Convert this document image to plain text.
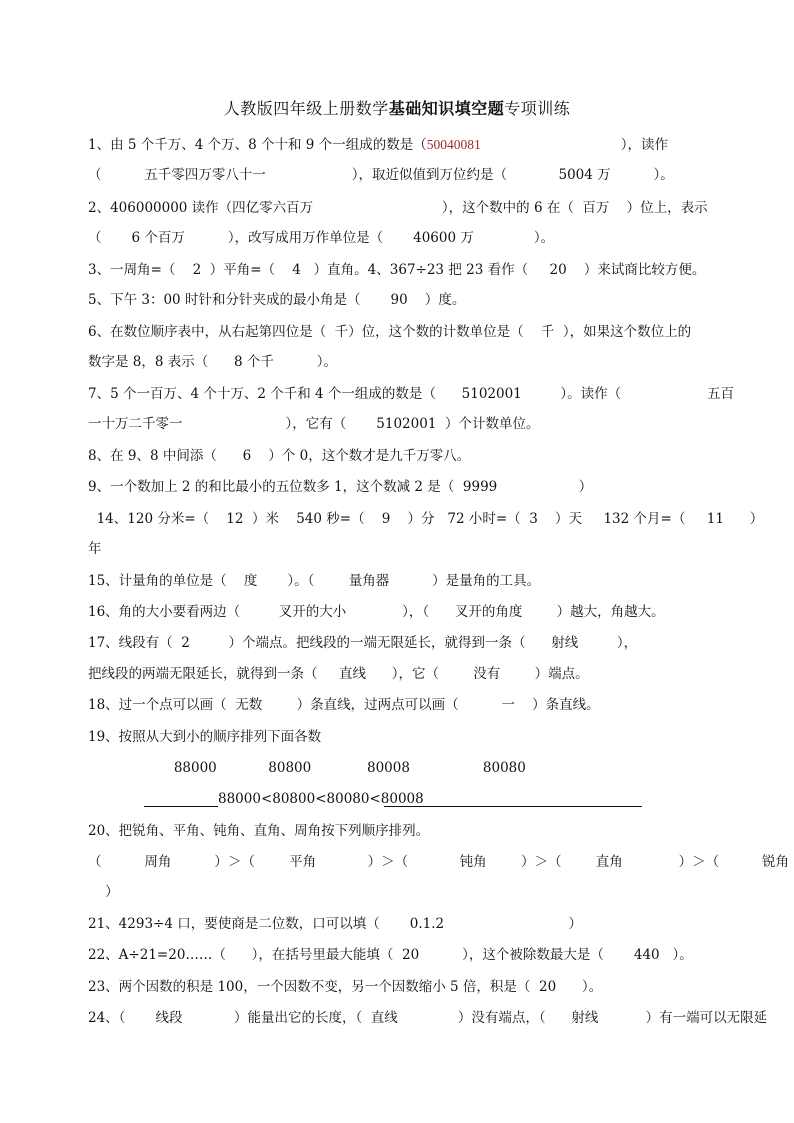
人教版四年级上册数学基础知识填空题专项训练
1、由 5 个千万、4 个万、8 个十和 9 个一组成的数是（50040081	），读作
（          五千零四万零八十一                    ），取近似值到万位约是（            5004 万          ）。
2、406000000 读作（四亿零六百万                              ），这个数中的 6 在（  百万    ）位上，表示
（       6 个百万          ），改写成用万作单位是（       40600 万              ）。
3、一周角=（    2  ）平角=（    4   ）直角。4、367÷23 把 23 看作（     20    ）来试商比较方便。
5、下午 3：00 时针和分针夹成的最小角是（       90    ）度。
6、在数位顺序表中，从右起第四位是（  千）位，这个数的计数单位是（    千  ），如果这个数位上的
数字是 8，8 表示（      8 个千          ）。
7、5 个一百万、4 个十万、2 个千和 4 个一组成的数是（      5102001         ）。读作（                    五百
一十万二千零一                        ），它有（       5102001  ）个计数单位。
8、在 9、8 中间添（      6    ）个 0，这个数才是九千万零八。
9、一个数加上 2 的和比最小的五位数多 1，这个数减 2 是（  9999                   ）
14、120 分米=（    12  ）米    540 秒=（    9    ）分   72 小时=（  3    ）天     132 个月=（     11      ）
年
15、计量角的单位是（    度       ）。（        量角器          ）是量角的工具。
16、角的大小要看两边（         叉开的大小             ），（      叉开的角度        ）越大，角越大。
17、线段有（  2         ）个端点。把线段的一端无限延长，就得到一条（      射线         ），
把线段的两端无限延长，就得到一条（     直线      ），它（        没有        ）端点。
18、过一个点可以画（  无数        ）条直线，过两点可以画（          一    ）条直线。
19、按照从大到小的顺序排列下面各数
88000            80800             80008                 80080
88000<80800<80080<80008
20、把锐角、平角、钝角、直角、周角按下列顺序排列。
（          周角          ）＞（        平角            ）＞（            钝角        ）＞（        直角             ）＞（          锐角
）
21、4293÷4 口，要使商是二位数，口可以填（       0.1.2                             ）
22、A÷21=20……（      ），在括号里最大能填（  20          ），这个被除数最大是（       440   ）。
23、两个因数的积是 100，一个因数不变，另一个因数缩小 5 倍，积是（  20      ）。
24、（       线段            ）能量出它的长度，（  直线              ）没有端点，（      射线           ）有一端可以无限延
